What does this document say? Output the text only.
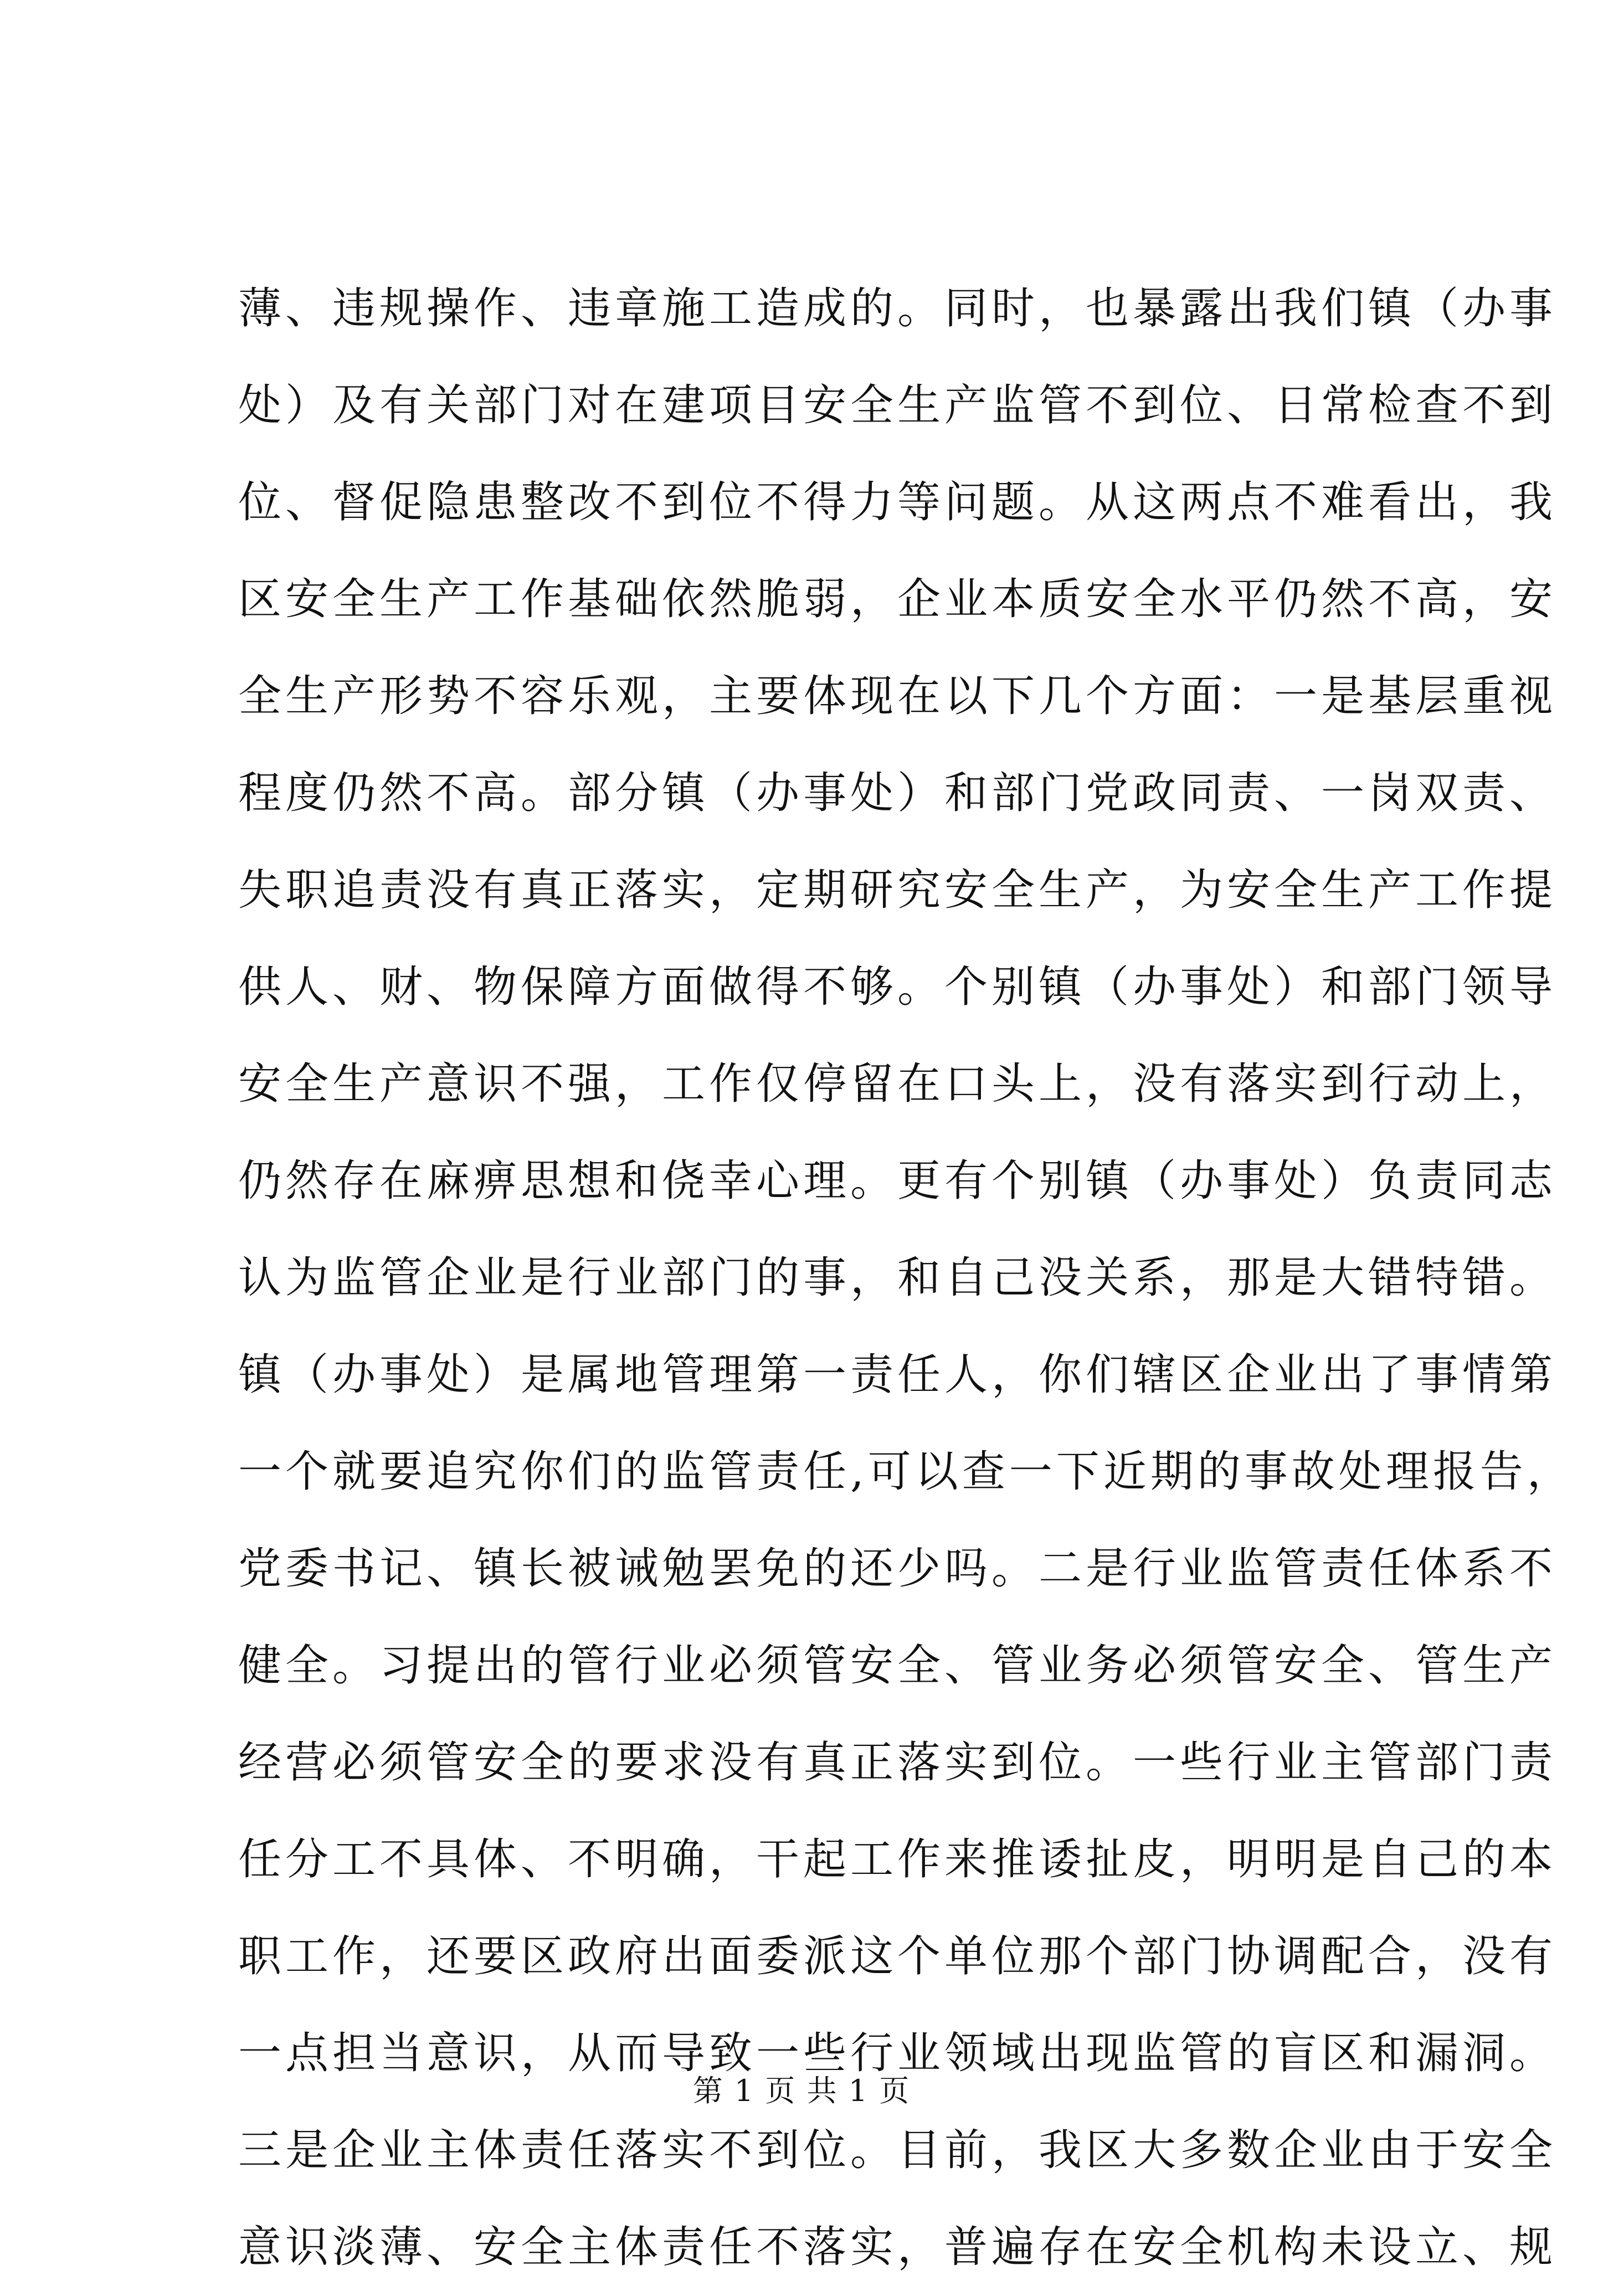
薄、违规操作、违章施工造成的。同时，也暴露出我们镇（办事
处）及有关部门对在建项目安全生产监管不到位、日常检查不到
位、督促隐患整改不到位不得力等问题。从这两点不难看出，我
区安全生产工作基础依然脆弱，企业本质安全水平仍然不高，安
全生产形势不容乐观，主要体现在以下几个方面：一是基层重视
程度仍然不高。部分镇（办事处）和部门党政同责、一岗双责、
失职追责没有真正落实，定期研究安全生产，为安全生产工作提
供人、财、物保障方面做得不够。个别镇（办事处）和部门领导
安全生产意识不强，工作仅停留在口头上，没有落实到行动上，
仍然存在麻痹思想和侥幸心理。更有个别镇（办事处）负责同志
认为监管企业是行业部门的事，和自己没关系，那是大错特错。
镇（办事处）是属地管理第一责任人，你们辖区企业出了事情第
一个就要追究你们的监管责任,可以查一下近期的事故处理报告，
党委书记、镇长被诫勉罢免的还少吗。二是行业监管责任体系不
健全。习提出的管行业必须管安全、管业务必须管安全、管生产
经营必须管安全的要求没有真正落实到位。一些行业主管部门责
任分工不具体、不明确，干起工作来推诿扯皮，明明是自己的本
职工作，还要区政府出面委派这个单位那个部门协调配合，没有
一点担当意识，从而导致一些行业领域出现监管的盲区和漏洞。
三是企业主体责任落实不到位。目前，我区大多数企业由于安全
意识淡薄、安全主体责任不落实，普遍存在安全机构未设立、规
第 1 页 共 1 页
